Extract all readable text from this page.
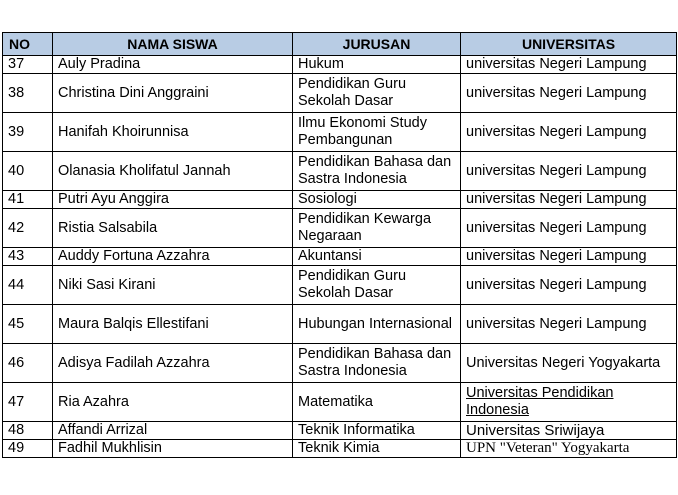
NO	NAMA SISWA	JURUSAN	UNIVERSITAS
37	Auly Pradina	Hukum	universitas Negeri Lampung
38	Christina Dini Anggraini	Pendidikan Guru Sekolah Dasar	universitas Negeri Lampung
39	Hanifah Khoirunnisa	Ilmu Ekonomi Study Pembangunan	universitas Negeri Lampung
40	Olanasia Kholifatul Jannah	Pendidikan Bahasa dan Sastra Indonesia	universitas Negeri Lampung
41	Putri Ayu Anggira	Sosiologi	universitas Negeri Lampung
42	Ristia Salsabila	Pendidikan Kewarga Negaraan	universitas Negeri Lampung
43	Auddy Fortuna Azzahra	Akuntansi	universitas Negeri Lampung
44	Niki Sasi Kirani	Pendidikan Guru Sekolah Dasar	universitas Negeri Lampung
45	Maura Balqis Ellestifani	Hubungan Internasional	universitas Negeri Lampung
46	Adisya Fadilah Azzahra	Pendidikan Bahasa dan Sastra Indonesia	Universitas Negeri Yogyakarta
47	Ria Azahra	Matematika	Universitas Pendidikan Indonesia
48	Affandi Arrizal	Teknik Informatika	Universitas Sriwijaya
49	Fadhil Mukhlisin	Teknik Kimia	UPN "Veteran" Yogyakarta
